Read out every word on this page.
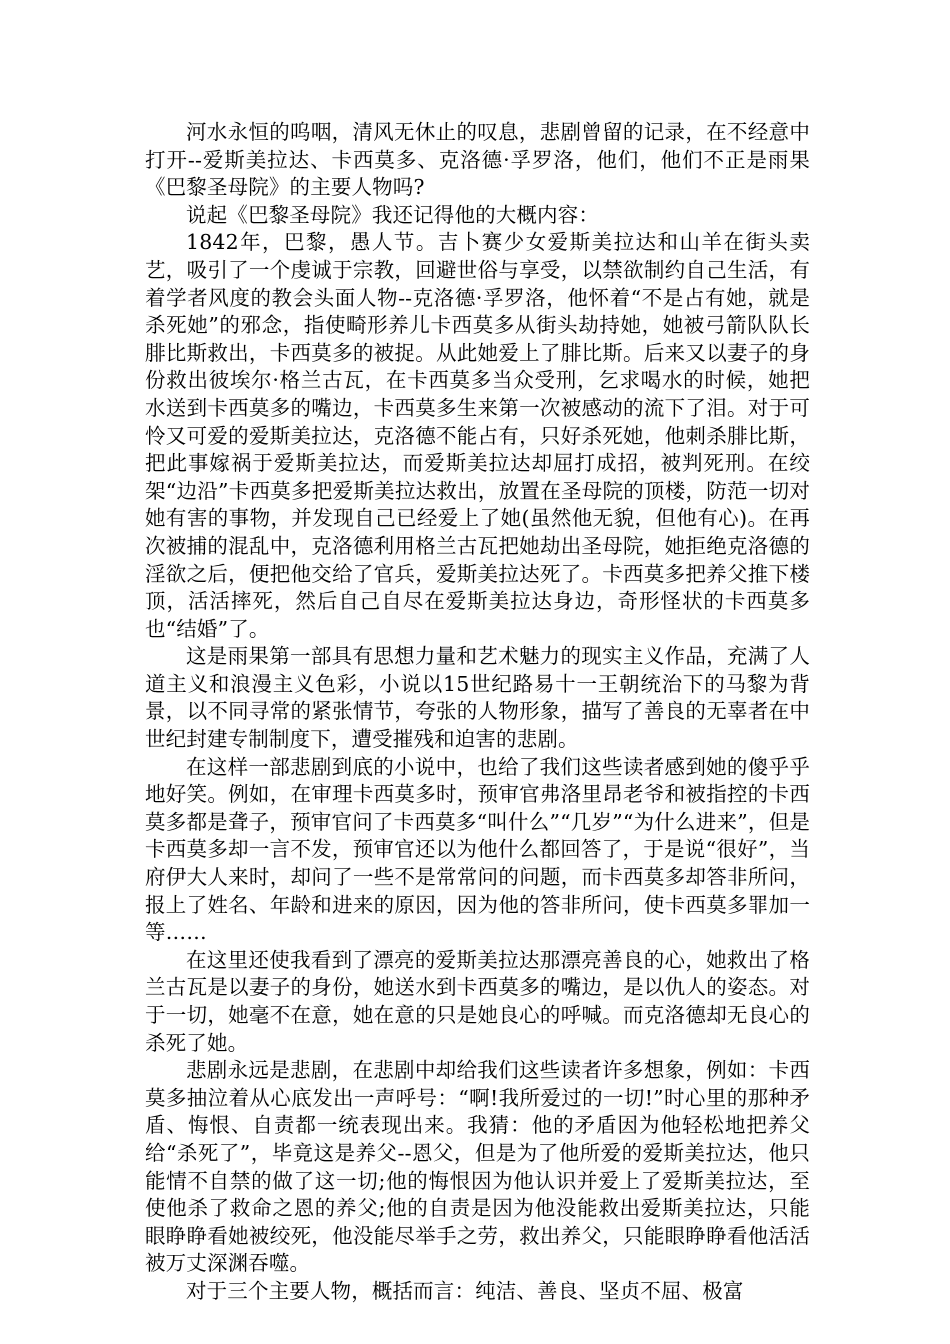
河水永恒的呜咽，清风无休止的叹息，悲剧曾留的记录，在不经意中打开--爱斯美拉达、卡西莫多、克洛德·孚罗洛，他们，他们不正是雨果《巴黎圣母院》的主要人物吗?

说起《巴黎圣母院》我还记得他的大概内容：

1842年，巴黎，愚人节。吉卜赛少女爱斯美拉达和山羊在街头卖艺，吸引了一个虔诚于宗教，回避世俗与享受，以禁欲制约自己生活，有着学者风度的教会头面人物--克洛德·孚罗洛，他怀着“不是占有她，就是杀死她”的邪念，指使畸形养儿卡西莫多从街头劫持她，她被弓箭队队长腓比斯救出，卡西莫多的被捉。从此她爱上了腓比斯。后来又以妻子的身份救出彼埃尔·格兰古瓦，在卡西莫多当众受刑，乞求喝水的时候，她把水送到卡西莫多的嘴边，卡西莫多生来第一次被感动的流下了泪。对于可怜又可爱的爱斯美拉达，克洛德不能占有，只好杀死她，他刺杀腓比斯，把此事嫁祸于爱斯美拉达，而爱斯美拉达却屈打成招，被判死刑。在绞架“边沿”卡西莫多把爱斯美拉达救出，放置在圣母院的顶楼，防范一切对她有害的事物，并发现自己已经爱上了她(虽然他无貌，但他有心)。在再次被捕的混乱中，克洛德利用格兰古瓦把她劫出圣母院，她拒绝克洛德的淫欲之后，便把他交给了官兵，爱斯美拉达死了。卡西莫多把养父推下楼顶，活活摔死，然后自己自尽在爱斯美拉达身边，奇形怪状的卡西莫多也“结婚”了。

这是雨果第一部具有思想力量和艺术魅力的现实主义作品，充满了人道主义和浪漫主义色彩，小说以15世纪路易十一王朝统治下的马黎为背景，以不同寻常的紧张情节，夸张的人物形象，描写了善良的无辜者在中世纪封建专制制度下，遭受摧残和迫害的悲剧。

在这样一部悲剧到底的小说中，也给了我们这些读者感到她的傻乎乎地好笑。例如，在审理卡西莫多时，预审官弗洛里昂老爷和被指控的卡西莫多都是聋子，预审官问了卡西莫多“叫什么”“几岁”“为什么进来”，但是卡西莫多却一言不发，预审官还以为他什么都回答了，于是说“很好”，当府伊大人来时，却问了一些不是常常问的问题，而卡西莫多却答非所问，报上了姓名、年龄和进来的原因，因为他的答非所问，使卡西莫多罪加一等……

在这里还使我看到了漂亮的爱斯美拉达那漂亮善良的心，她救出了格兰古瓦是以妻子的身份，她送水到卡西莫多的嘴边，是以仇人的姿态。对于一切，她毫不在意，她在意的只是她良心的呼喊。而克洛德却无良心的杀死了她。

悲剧永远是悲剧，在悲剧中却给我们这些读者许多想象，例如：卡西莫多抽泣着从心底发出一声呼号：“啊!我所爱过的一切!”时心里的那种矛盾、悔恨、自责都一统表现出来。我猜：他的矛盾因为他轻松地把养父给“杀死了”，毕竟这是养父--恩父，但是为了他所爱的爱斯美拉达，他只能情不自禁的做了这一切;他的悔恨因为他认识并爱上了爱斯美拉达，至使他杀了救命之恩的养父;他的自责是因为他没能救出爱斯美拉达，只能眼睁睁看她被绞死，他没能尽举手之劳，救出养父，只能眼睁睁看他活活被万丈深渊吞噬。

对于三个主要人物，概括而言：纯洁、善良、坚贞不屈、极富
